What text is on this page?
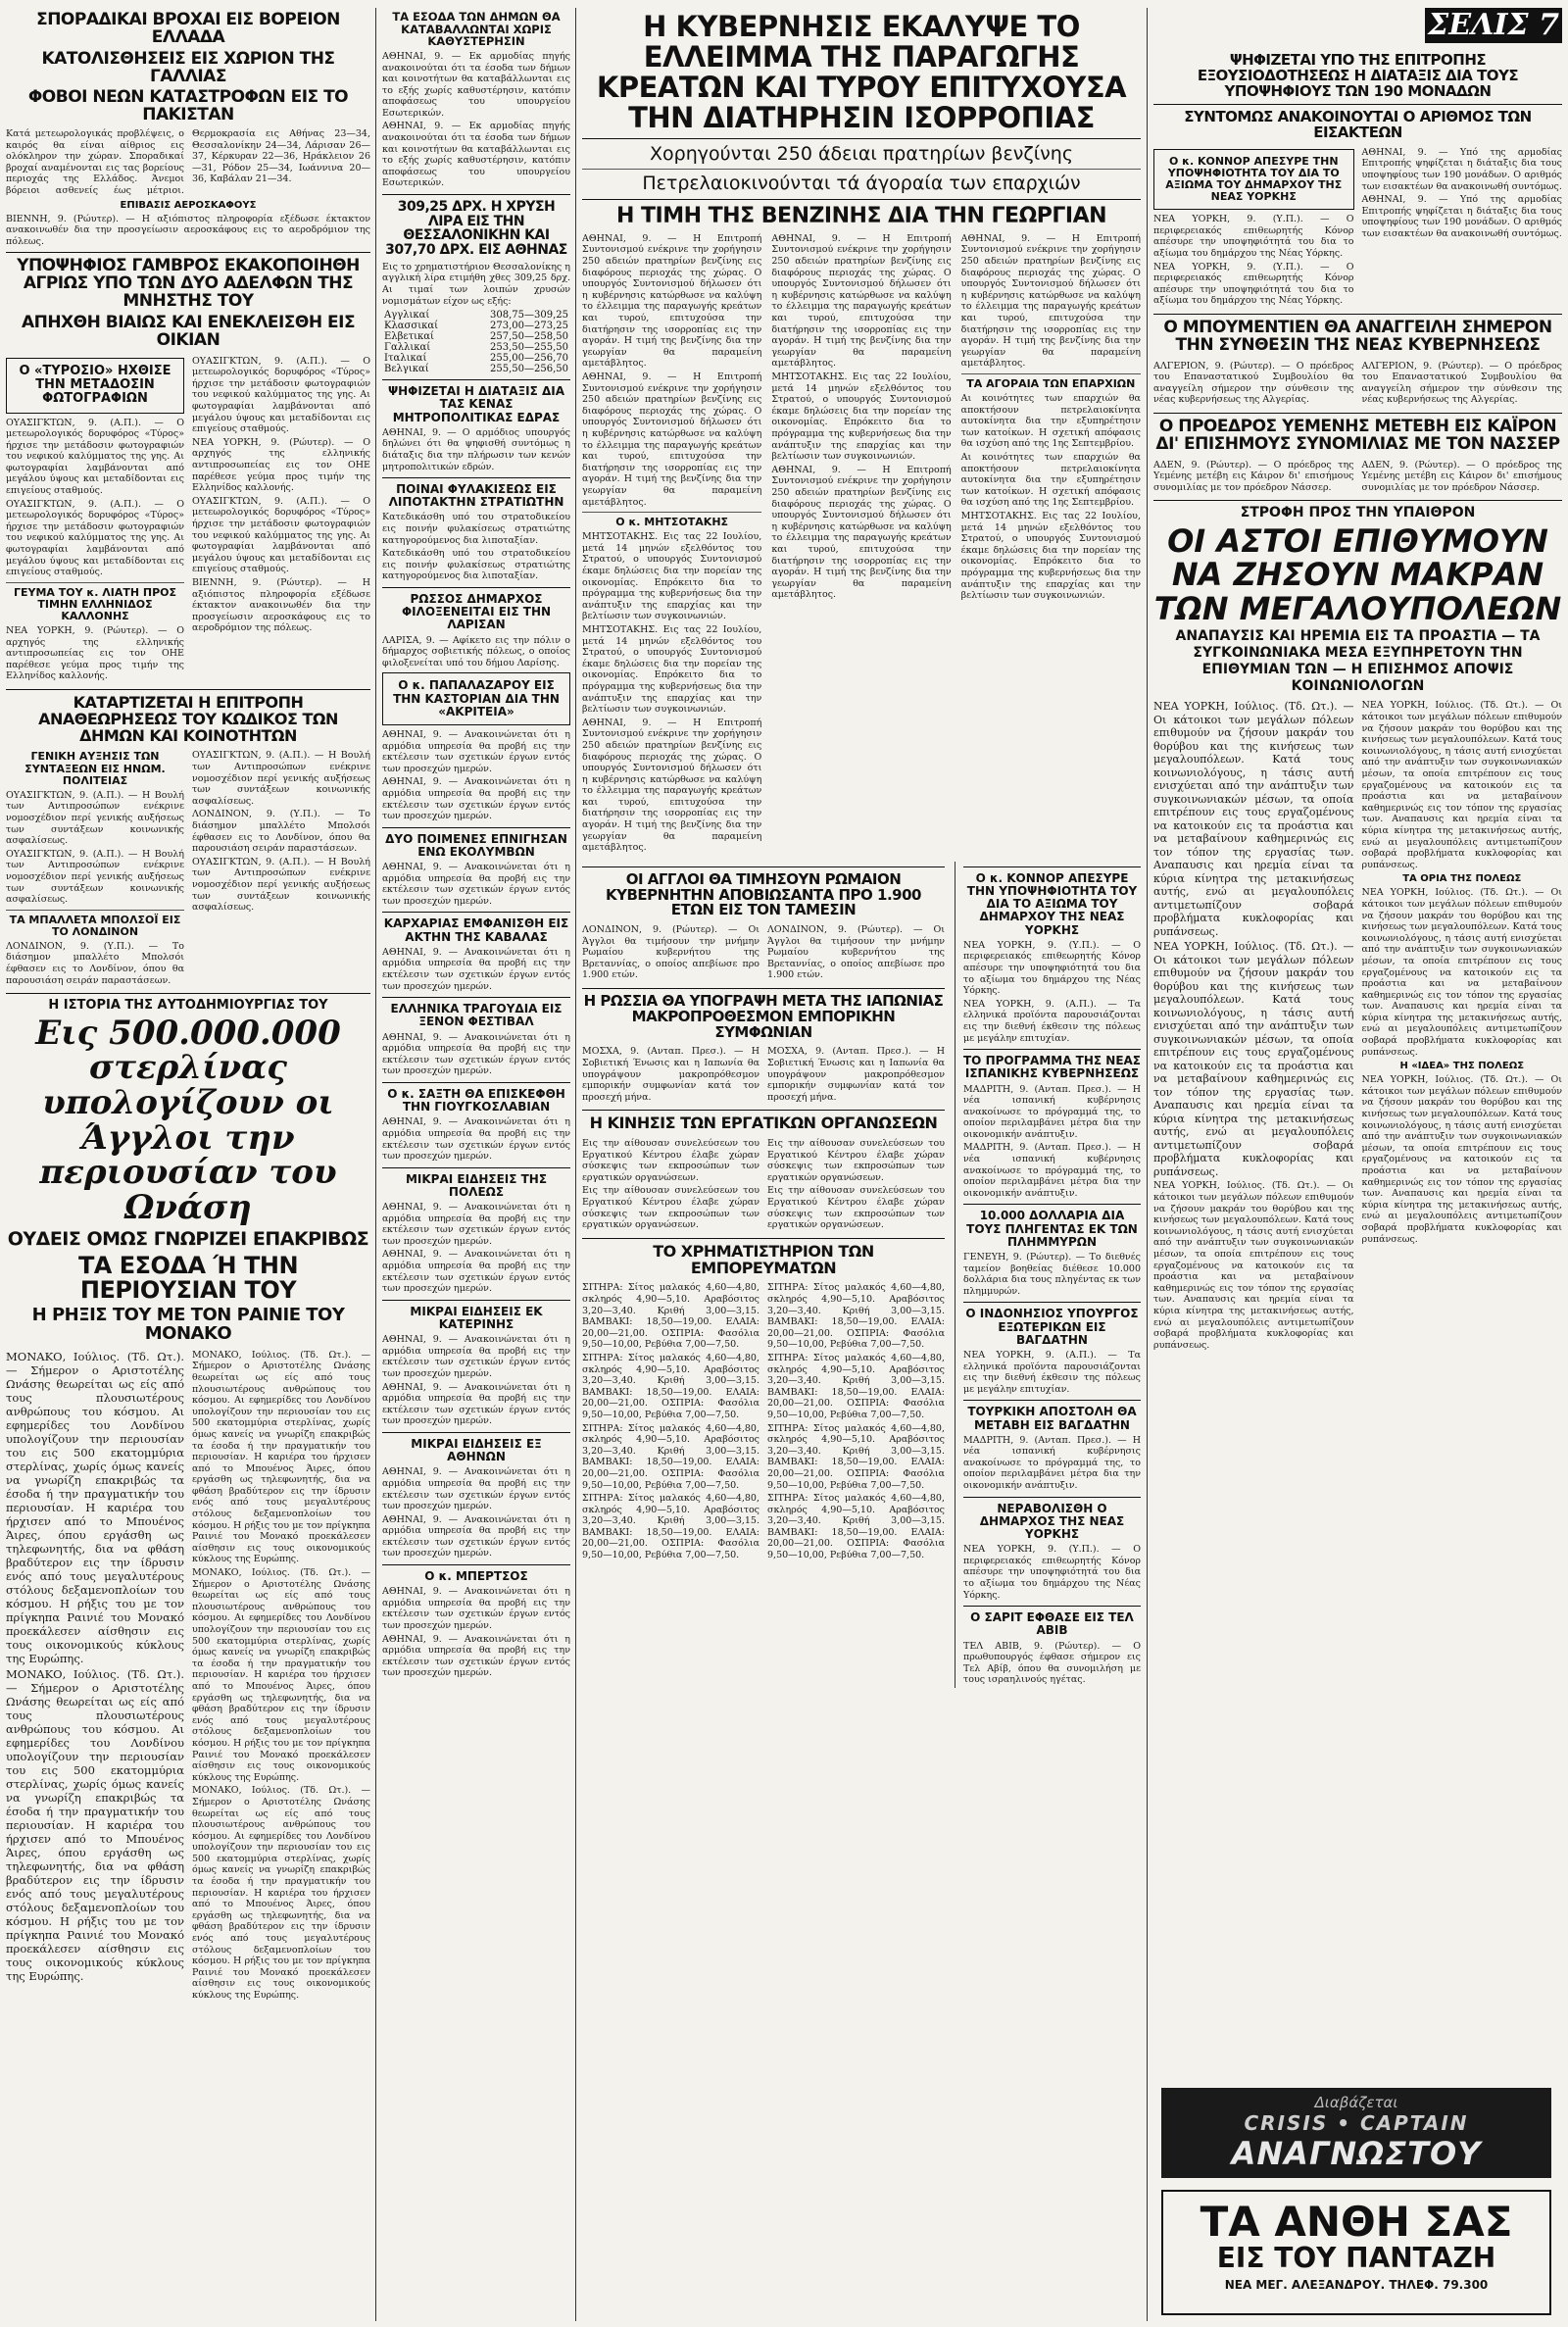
ΣΠΟΡΑΔΙΚΑΙ ΒΡΟΧΑΙ ΕΙΣ ΒΟΡΕΙΟΝ ΕΛΛΑΔΑ
ΚΑΤΟΛΙΣΘΗΣΕΙΣ ΕΙΣ ΧΩΡΙΟΝ ΤΗΣ ΓΑΛΛΙΑΣ
ΦΟΒΟΙ ΝΕΩΝ ΚΑΤΑΣΤΡΟΦΩΝ ΕΙΣ ΤΟ ΠΑΚΙΣΤΑΝ

Κατά μετεωρολογικάς προβλέψεις, ο καιρός θα είναι αίθριος εις ολόκληρον την χώραν. Σποραδικαί βροχαί αναμένονται εις τας βορείους περιοχάς της Ελλάδος. Άνεμοι βόρειοι ασθενείς έως μέτριοι. Θερμοκρασία εις Αθήνας 23—34, Θεσσαλονίκην 24—34, Λάρισαν 26—37, Κέρκυραν 22—36, Ηράκλειον 26—31, Ρόδον 25—34, Ιωάννινα 20—36, Καβάλαν 21—34.

ΕΠΙΒΑΣΙΣ ΑΕΡΟΣΚΑΦΟΥΣ

ΒΙΕΝΝΗ, 9. (Ρώυτερ). — Η αξιόπιστος πληροφορία εξέδωσε έκτακτον ανακοινωθέν δια την προσγείωσιν αεροσκάφους εις το αεροδρόμιον της πόλεως.

ΥΠΟΨΗΦΙΟΣ ΓΑΜΒΡΟΣ ΕΚΑΚΟΠΟΙΗΘΗ ΑΓΡΙΩΣ ΥΠΟ ΤΩΝ ΔΥΟ ΑΔΕΛΦΩΝ ΤΗΣ ΜΝΗΣΤΗΣ ΤΟΥ
ΑΠΗΧΘΗ ΒΙΑΙΩΣ ΚΑΙ ΕΝΕΚΛΕΙΣΘΗ ΕΙΣ ΟΙΚΙΑΝ
Ο «ΤΥΡΟΣΙΟ» ΗΧΘΙΣΕ ΤΗΝ ΜΕΤΑΔΟΣΙΝ ΦΩΤΟΓΡΑΦΙΩΝ

ΟΥΑΣΙΓΚΤΩΝ, 9. (Α.Π.). — Ο μετεωρολογικός δορυφόρος «Τύρος» ήρχισε την μετάδοσιν φωτογραφιών του νεφικού καλύμματος της γης. Αι φωτογραφίαι λαμβάνονται από μεγάλου ύψους και μεταδίδονται εις επιγείους σταθμούς.

ΟΥΑΣΙΓΚΤΩΝ, 9. (Α.Π.). — Ο μετεωρολογικός δορυφόρος «Τύρος» ήρχισε την μετάδοσιν φωτογραφιών του νεφικού καλύμματος της γης. Αι φωτογραφίαι λαμβάνονται από μεγάλου ύψους και μεταδίδονται εις επιγείους σταθμούς.

ΓΕΥΜΑ ΤΟΥ κ. ΛΙΑΤΗ ΠΡΟΣ ΤΙΜΗΝ ΕΛΛΗΝΙΔΟΣ ΚΑΛΛΟΝΗΣ

ΝΕΑ ΥΟΡΚΗ, 9. (Ρώυτερ). — Ο αρχηγός της ελληνικής αντιπροσωπείας εις τον ΟΗΕ παρέθεσε γεύμα προς τιμήν της Ελληνίδος καλλονής.

ΟΥΑΣΙΓΚΤΩΝ, 9. (Α.Π.). — Ο μετεωρολογικός δορυφόρος «Τύρος» ήρχισε την μετάδοσιν φωτογραφιών του νεφικού καλύμματος της γης. Αι φωτογραφίαι λαμβάνονται από μεγάλου ύψους και μεταδίδονται εις επιγείους σταθμούς.

ΝΕΑ ΥΟΡΚΗ, 9. (Ρώυτερ). — Ο αρχηγός της ελληνικής αντιπροσωπείας εις τον ΟΗΕ παρέθεσε γεύμα προς τιμήν της Ελληνίδος καλλονής.

ΟΥΑΣΙΓΚΤΩΝ, 9. (Α.Π.). — Ο μετεωρολογικός δορυφόρος «Τύρος» ήρχισε την μετάδοσιν φωτογραφιών του νεφικού καλύμματος της γης. Αι φωτογραφίαι λαμβάνονται από μεγάλου ύψους και μεταδίδονται εις επιγείους σταθμούς.

ΒΙΕΝΝΗ, 9. (Ρώυτερ). — Η αξιόπιστος πληροφορία εξέδωσε έκτακτον ανακοινωθέν δια την προσγείωσιν αεροσκάφους εις το αεροδρόμιον της πόλεως.

ΚΑΤΑΡΤΙΖΕΤΑΙ Η ΕΠΙΤΡΟΠΗ ΑΝΑΘΕΩΡΗΣΕΩΣ ΤΟΥ ΚΩΔΙΚΟΣ ΤΩΝ ΔΗΜΩΝ ΚΑΙ ΚΟΙΝΟΤΗΤΩΝ
ΓΕΝΙΚΗ ΑΥΞΗΣΙΣ ΤΩΝ ΣΥΝΤΑΞΕΩΝ ΕΙΣ ΗΝΩΜ. ΠΟΛΙΤΕΙΑΣ

ΟΥΑΣΙΓΚΤΩΝ, 9. (Α.Π.). — Η Βουλή των Αντιπροσώπων ενέκρινε νομοσχέδιον περί γενικής αυξήσεως των συντάξεων κοινωνικής ασφαλίσεως.

ΟΥΑΣΙΓΚΤΩΝ, 9. (Α.Π.). — Η Βουλή των Αντιπροσώπων ενέκρινε νομοσχέδιον περί γενικής αυξήσεως των συντάξεων κοινωνικής ασφαλίσεως.

ΤΑ ΜΠΑΛΛΕΤΑ ΜΠΟΛΣΟΪ ΕΙΣ ΤΟ ΛΟΝΔΙΝΟΝ

ΛΟΝΔΙΝΟΝ, 9. (Υ.Π.). — Το διάσημον μπαλλέτο Μπολσόι έφθασεν εις το Λονδίνον, όπου θα παρουσιάση σειράν παραστάσεων.

ΟΥΑΣΙΓΚΤΩΝ, 9. (Α.Π.). — Η Βουλή των Αντιπροσώπων ενέκρινε νομοσχέδιον περί γενικής αυξήσεως των συντάξεων κοινωνικής ασφαλίσεως.

ΛΟΝΔΙΝΟΝ, 9. (Υ.Π.). — Το διάσημον μπαλλέτο Μπολσόι έφθασεν εις το Λονδίνον, όπου θα παρουσιάση σειράν παραστάσεων.

ΟΥΑΣΙΓΚΤΩΝ, 9. (Α.Π.). — Η Βουλή των Αντιπροσώπων ενέκρινε νομοσχέδιον περί γενικής αυξήσεως των συντάξεων κοινωνικής ασφαλίσεως.

Η ΙΣΤΟΡΙΑ ΤΗΣ ΑΥΤΟΔΗΜΙΟΥΡΓΙΑΣ ΤΟΥ
Εις 500.000.000 στερλίνας υπολογίζουν οι Άγγλοι την περιουσίαν του Ωνάση
ΟΥΔΕΙΣ ΟΜΩΣ ΓΝΩΡΙΖΕΙ ΕΠΑΚΡΙΒΩΣ
ΤΑ ΕΣΟΔΑ Ή ΤΗΝ ΠΕΡΙΟΥΣΙΑΝ ΤΟΥ
Η ΡΗΞΙΣ ΤΟΥ ΜΕ ΤΟΝ ΡΑΙΝΙΕ ΤΟΥ ΜΟΝΑΚΟ

ΜΟΝΑΚΟ, Ιούλιος. (Τδ. Ωτ.). — Σήμερον ο Αριστοτέλης Ωνάσης θεωρείται ως είς από τους πλουσιωτέρους ανθρώπους του κόσμου. Αι εφημερίδες του Λονδίνου υπολογίζουν την περιουσίαν του εις 500 εκατομμύρια στερλίνας, χωρίς όμως κανείς να γνωρίζη επακριβώς τα έσοδα ή την πραγματικήν του περιουσίαν. Η καριέρα του ήρχισεν από το Μπουένος Άιρες, όπου εργάσθη ως τηλεφωνητής, δια να φθάση βραδύτερον εις την ίδρυσιν ενός από τους μεγαλυτέρους στόλους δεξαμενοπλοίων του κόσμου. Η ρήξις του με τον πρίγκηπα Ραινιέ του Μονακό προεκάλεσεν αίσθησιν εις τους οικονομικούς κύκλους της Ευρώπης.

ΜΟΝΑΚΟ, Ιούλιος. (Τδ. Ωτ.). — Σήμερον ο Αριστοτέλης Ωνάσης θεωρείται ως είς από τους πλουσιωτέρους ανθρώπους του κόσμου. Αι εφημερίδες του Λονδίνου υπολογίζουν την περιουσίαν του εις 500 εκατομμύρια στερλίνας, χωρίς όμως κανείς να γνωρίζη επακριβώς τα έσοδα ή την πραγματικήν του περιουσίαν. Η καριέρα του ήρχισεν από το Μπουένος Άιρες, όπου εργάσθη ως τηλεφωνητής, δια να φθάση βραδύτερον εις την ίδρυσιν ενός από τους μεγαλυτέρους στόλους δεξαμενοπλοίων του κόσμου. Η ρήξις του με τον πρίγκηπα Ραινιέ του Μονακό προεκάλεσεν αίσθησιν εις τους οικονομικούς κύκλους της Ευρώπης.

ΜΟΝΑΚΟ, Ιούλιος. (Τδ. Ωτ.). — Σήμερον ο Αριστοτέλης Ωνάσης θεωρείται ως είς από τους πλουσιωτέρους ανθρώπους του κόσμου. Αι εφημερίδες του Λονδίνου υπολογίζουν την περιουσίαν του εις 500 εκατομμύρια στερλίνας, χωρίς όμως κανείς να γνωρίζη επακριβώς τα έσοδα ή την πραγματικήν του περιουσίαν. Η καριέρα του ήρχισεν από το Μπουένος Άιρες, όπου εργάσθη ως τηλεφωνητής, δια να φθάση βραδύτερον εις την ίδρυσιν ενός από τους μεγαλυτέρους στόλους δεξαμενοπλοίων του κόσμου. Η ρήξις του με τον πρίγκηπα Ραινιέ του Μονακό προεκάλεσεν αίσθησιν εις τους οικονομικούς κύκλους της Ευρώπης.

ΜΟΝΑΚΟ, Ιούλιος. (Τδ. Ωτ.). — Σήμερον ο Αριστοτέλης Ωνάσης θεωρείται ως είς από τους πλουσιωτέρους ανθρώπους του κόσμου. Αι εφημερίδες του Λονδίνου υπολογίζουν την περιουσίαν του εις 500 εκατομμύρια στερλίνας, χωρίς όμως κανείς να γνωρίζη επακριβώς τα έσοδα ή την πραγματικήν του περιουσίαν. Η καριέρα του ήρχισεν από το Μπουένος Άιρες, όπου εργάσθη ως τηλεφωνητής, δια να φθάση βραδύτερον εις την ίδρυσιν ενός από τους μεγαλυτέρους στόλους δεξαμενοπλοίων του κόσμου. Η ρήξις του με τον πρίγκηπα Ραινιέ του Μονακό προεκάλεσεν αίσθησιν εις τους οικονομικούς κύκλους της Ευρώπης.

ΜΟΝΑΚΟ, Ιούλιος. (Τδ. Ωτ.). — Σήμερον ο Αριστοτέλης Ωνάσης θεωρείται ως είς από τους πλουσιωτέρους ανθρώπους του κόσμου. Αι εφημερίδες του Λονδίνου υπολογίζουν την περιουσίαν του εις 500 εκατομμύρια στερλίνας, χωρίς όμως κανείς να γνωρίζη επακριβώς τα έσοδα ή την πραγματικήν του περιουσίαν. Η καριέρα του ήρχισεν από το Μπουένος Άιρες, όπου εργάσθη ως τηλεφωνητής, δια να φθάση βραδύτερον εις την ίδρυσιν ενός από τους μεγαλυτέρους στόλους δεξαμενοπλοίων του κόσμου. Η ρήξις του με τον πρίγκηπα Ραινιέ του Μονακό προεκάλεσεν αίσθησιν εις τους οικονομικούς κύκλους της Ευρώπης.

ΤΑ ΕΣΟΔΑ ΤΩΝ ΔΗΜΩΝ ΘΑ ΚΑΤΑΒΑΛΛΩΝΤΑΙ ΧΩΡΙΣ ΚΑΘΥΣΤΕΡΗΣΙΝ

ΑΘΗΝΑΙ, 9. — Εκ αρμοδίας πηγής ανακοινούται ότι τα έσοδα των δήμων και κοινοτήτων θα καταβάλλωνται εις το εξής χωρίς καθυστέρησιν, κατόπιν αποφάσεως του υπουργείου Εσωτερικών.

ΑΘΗΝΑΙ, 9. — Εκ αρμοδίας πηγής ανακοινούται ότι τα έσοδα των δήμων και κοινοτήτων θα καταβάλλωνται εις το εξής χωρίς καθυστέρησιν, κατόπιν αποφάσεως του υπουργείου Εσωτερικών.

309,25 ΔΡΧ. Η ΧΡΥΣΗ ΛΙΡΑ ΕΙΣ ΤΗΝ ΘΕΣΣΑΛΟΝΙΚΗΝ ΚΑΙ 307,70 ΔΡΧ. ΕΙΣ ΑΘΗΝΑΣ

Εις το χρηματιστήριον Θεσσαλονίκης η αγγλική λίρα ετιμήθη χθες 309,25 δρχ. Αι τιμαί των λοιπών χρυσών νομισμάτων είχον ως εξής:

Αγγλικαί	308,75—309,25
Κλασσικαί	273,00—273,25
Ελβετικαί	257,50—258,50
Γαλλικαί	253,50—255,50
Ιταλικαί	255,00—256,70
Βελγικαί	255,50—256,50
ΨΗΦΙΖΕΤΑΙ Η ΔΙΑΤΑΞΙΣ ΔΙΑ ΤΑΣ ΚΕΝΑΣ ΜΗΤΡΟΠΟΛΙΤΙΚΑΣ ΕΔΡΑΣ

ΑΘΗΝΑΙ, 9. — Ο αρμόδιος υπουργός δηλώνει ότι θα ψηφισθή συντόμως η διάταξις δια την πλήρωσιν των κενών μητροπολιτικών εδρών.

ΠΟΙΝΑΙ ΦΥΛΑΚΙΣΕΩΣ ΕΙΣ ΛΙΠΟΤΑΚΤΗΝ ΣΤΡΑΤΙΩΤΗΝ

Κατεδικάσθη υπό του στρατοδικείου εις ποινήν φυλακίσεως στρατιώτης κατηγορούμενος δια λιποταξίαν.

Κατεδικάσθη υπό του στρατοδικείου εις ποινήν φυλακίσεως στρατιώτης κατηγορούμενος δια λιποταξίαν.

ΡΩΣΣΟΣ ΔΗΜΑΡΧΟΣ ΦΙΛΟΞΕΝΕΙΤΑΙ ΕΙΣ ΤΗΝ ΛΑΡΙΣΑΝ

ΛΑΡΙΣΑ, 9. — Αφίκετο εις την πόλιν ο δήμαρχος σοβιετικής πόλεως, ο οποίος φιλοξενείται υπό του δήμου Λαρίσης.

Ο κ. ΠΑΠΑΛΑΖΑΡΟΥ ΕΙΣ ΤΗΝ ΚΑΣΤΟΡΙΑΝ ΔΙΑ ΤΗΝ «ΑΚΡΙΤΕΙΑ»

ΑΘΗΝΑΙ, 9. — Ανακοινώνεται ότι η αρμόδια υπηρεσία θα προβή εις την εκτέλεσιν των σχετικών έργων εντός των προσεχών ημερών.

ΑΘΗΝΑΙ, 9. — Ανακοινώνεται ότι η αρμόδια υπηρεσία θα προβή εις την εκτέλεσιν των σχετικών έργων εντός των προσεχών ημερών.

ΔΥΟ ΠΟΙΜΕΝΕΣ ΕΠΝΙΓΗΣΑΝ ΕΝΩ ΕΚΟΛΥΜΒΩΝ

ΑΘΗΝΑΙ, 9. — Ανακοινώνεται ότι η αρμόδια υπηρεσία θα προβή εις την εκτέλεσιν των σχετικών έργων εντός των προσεχών ημερών.

ΚΑΡΧΑΡΙΑΣ ΕΜΦΑΝΙΣΘΗ ΕΙΣ ΑΚΤΗΝ ΤΗΣ ΚΑΒΑΛΑΣ

ΑΘΗΝΑΙ, 9. — Ανακοινώνεται ότι η αρμόδια υπηρεσία θα προβή εις την εκτέλεσιν των σχετικών έργων εντός των προσεχών ημερών.

ΕΛΛΗΝΙΚΑ ΤΡΑΓΟΥΔΙΑ ΕΙΣ ΞΕΝΟΝ ΦΕΣΤΙΒΑΛ

ΑΘΗΝΑΙ, 9. — Ανακοινώνεται ότι η αρμόδια υπηρεσία θα προβή εις την εκτέλεσιν των σχετικών έργων εντός των προσεχών ημερών.

Ο κ. ΣΑΞΤΗ ΘΑ ΕΠΙΣΚΕΦΘΗ ΤΗΝ ΓΙΟΥΓΚΟΣΛΑΒΙΑΝ

ΑΘΗΝΑΙ, 9. — Ανακοινώνεται ότι η αρμόδια υπηρεσία θα προβή εις την εκτέλεσιν των σχετικών έργων εντός των προσεχών ημερών.

ΜΙΚΡΑΙ ΕΙΔΗΣΕΙΣ ΤΗΣ ΠΟΛΕΩΣ

ΑΘΗΝΑΙ, 9. — Ανακοινώνεται ότι η αρμόδια υπηρεσία θα προβή εις την εκτέλεσιν των σχετικών έργων εντός των προσεχών ημερών.

ΑΘΗΝΑΙ, 9. — Ανακοινώνεται ότι η αρμόδια υπηρεσία θα προβή εις την εκτέλεσιν των σχετικών έργων εντός των προσεχών ημερών.

ΜΙΚΡΑΙ ΕΙΔΗΣΕΙΣ ΕΚ ΚΑΤΕΡΙΝΗΣ

ΑΘΗΝΑΙ, 9. — Ανακοινώνεται ότι η αρμόδια υπηρεσία θα προβή εις την εκτέλεσιν των σχετικών έργων εντός των προσεχών ημερών.

ΑΘΗΝΑΙ, 9. — Ανακοινώνεται ότι η αρμόδια υπηρεσία θα προβή εις την εκτέλεσιν των σχετικών έργων εντός των προσεχών ημερών.

ΜΙΚΡΑΙ ΕΙΔΗΣΕΙΣ ΕΞ ΑΘΗΝΩΝ

ΑΘΗΝΑΙ, 9. — Ανακοινώνεται ότι η αρμόδια υπηρεσία θα προβή εις την εκτέλεσιν των σχετικών έργων εντός των προσεχών ημερών.

ΑΘΗΝΑΙ, 9. — Ανακοινώνεται ότι η αρμόδια υπηρεσία θα προβή εις την εκτέλεσιν των σχετικών έργων εντός των προσεχών ημερών.

Ο κ. ΜΠΕΡΤΣΟΣ

ΑΘΗΝΑΙ, 9. — Ανακοινώνεται ότι η αρμόδια υπηρεσία θα προβή εις την εκτέλεσιν των σχετικών έργων εντός των προσεχών ημερών.

ΑΘΗΝΑΙ, 9. — Ανακοινώνεται ότι η αρμόδια υπηρεσία θα προβή εις την εκτέλεσιν των σχετικών έργων εντός των προσεχών ημερών.

Η ΚΥΒΕΡΝΗΣΙΣ ΕΚΑΛΥΨΕ ΤΟ ΕΛΛΕΙΜΜΑ ΤΗΣ ΠΑΡΑΓΩΓΗΣ ΚΡΕΑΤΩΝ ΚΑΙ ΤΥΡΟΥ ΕΠΙΤΥΧΟΥΣΑ ΤΗΝ ΔΙΑΤΗΡΗΣΙΝ ΙΣΟΡΡΟΠΙΑΣ
Χορηγούνται 250 άδειαι πρατηρίων βενζίνης
Πετρελαιοκινούνται τά άγοραία των επαρχιών
Η ΤΙΜΗ ΤΗΣ ΒΕΝΖΙΝΗΣ ΔΙΑ ΤΗΝ ΓΕΩΡΓΙΑΝ

ΑΘΗΝΑΙ, 9. — Η Επιτροπή Συντονισμού ενέκρινε την χορήγησιν 250 αδειών πρατηρίων βενζίνης εις διαφόρους περιοχάς της χώρας. Ο υπουργός Συντονισμού δήλωσεν ότι η κυβέρνησις κατώρθωσε να καλύψη το έλλειμμα της παραγωγής κρεάτων και τυρού, επιτυχούσα την διατήρησιν της ισορροπίας εις την αγοράν. Η τιμή της βενζίνης δια την γεωργίαν θα παραμείνη αμετάβλητος.

ΑΘΗΝΑΙ, 9. — Η Επιτροπή Συντονισμού ενέκρινε την χορήγησιν 250 αδειών πρατηρίων βενζίνης εις διαφόρους περιοχάς της χώρας. Ο υπουργός Συντονισμού δήλωσεν ότι η κυβέρνησις κατώρθωσε να καλύψη το έλλειμμα της παραγωγής κρεάτων και τυρού, επιτυχούσα την διατήρησιν της ισορροπίας εις την αγοράν. Η τιμή της βενζίνης δια την γεωργίαν θα παραμείνη αμετάβλητος.

Ο κ. ΜΗΤΣΟΤΑΚΗΣ

ΜΗΤΣΟΤΑΚΗΣ. Εις τας 22 Ιουλίου, μετά 14 μηνών εξελθόντος του Στρατού, ο υπουργός Συντονισμού έκαμε δηλώσεις δια την πορείαν της οικονομίας. Επρόκειτο δια το πρόγραμμα της κυβερνήσεως δια την ανάπτυξιν της επαρχίας και την βελτίωσιν των συγκοινωνιών.

ΜΗΤΣΟΤΑΚΗΣ. Εις τας 22 Ιουλίου, μετά 14 μηνών εξελθόντος του Στρατού, ο υπουργός Συντονισμού έκαμε δηλώσεις δια την πορείαν της οικονομίας. Επρόκειτο δια το πρόγραμμα της κυβερνήσεως δια την ανάπτυξιν της επαρχίας και την βελτίωσιν των συγκοινωνιών.

ΑΘΗΝΑΙ, 9. — Η Επιτροπή Συντονισμού ενέκρινε την χορήγησιν 250 αδειών πρατηρίων βενζίνης εις διαφόρους περιοχάς της χώρας. Ο υπουργός Συντονισμού δήλωσεν ότι η κυβέρνησις κατώρθωσε να καλύψη το έλλειμμα της παραγωγής κρεάτων και τυρού, επιτυχούσα την διατήρησιν της ισορροπίας εις την αγοράν. Η τιμή της βενζίνης δια την γεωργίαν θα παραμείνη αμετάβλητος.

ΑΘΗΝΑΙ, 9. — Η Επιτροπή Συντονισμού ενέκρινε την χορήγησιν 250 αδειών πρατηρίων βενζίνης εις διαφόρους περιοχάς της χώρας. Ο υπουργός Συντονισμού δήλωσεν ότι η κυβέρνησις κατώρθωσε να καλύψη το έλλειμμα της παραγωγής κρεάτων και τυρού, επιτυχούσα την διατήρησιν της ισορροπίας εις την αγοράν. Η τιμή της βενζίνης δια την γεωργίαν θα παραμείνη αμετάβλητος.

ΜΗΤΣΟΤΑΚΗΣ. Εις τας 22 Ιουλίου, μετά 14 μηνών εξελθόντος του Στρατού, ο υπουργός Συντονισμού έκαμε δηλώσεις δια την πορείαν της οικονομίας. Επρόκειτο δια το πρόγραμμα της κυβερνήσεως δια την ανάπτυξιν της επαρχίας και την βελτίωσιν των συγκοινωνιών.

ΑΘΗΝΑΙ, 9. — Η Επιτροπή Συντονισμού ενέκρινε την χορήγησιν 250 αδειών πρατηρίων βενζίνης εις διαφόρους περιοχάς της χώρας. Ο υπουργός Συντονισμού δήλωσεν ότι η κυβέρνησις κατώρθωσε να καλύψη το έλλειμμα της παραγωγής κρεάτων και τυρού, επιτυχούσα την διατήρησιν της ισορροπίας εις την αγοράν. Η τιμή της βενζίνης δια την γεωργίαν θα παραμείνη αμετάβλητος.

ΑΘΗΝΑΙ, 9. — Η Επιτροπή Συντονισμού ενέκρινε την χορήγησιν 250 αδειών πρατηρίων βενζίνης εις διαφόρους περιοχάς της χώρας. Ο υπουργός Συντονισμού δήλωσεν ότι η κυβέρνησις κατώρθωσε να καλύψη το έλλειμμα της παραγωγής κρεάτων και τυρού, επιτυχούσα την διατήρησιν της ισορροπίας εις την αγοράν. Η τιμή της βενζίνης δια την γεωργίαν θα παραμείνη αμετάβλητος.

ΤΑ ΑΓΟΡΑΙΑ ΤΩΝ ΕΠΑΡΧΙΩΝ

Αι κοινότητες των επαρχιών θα αποκτήσουν πετρελαιοκίνητα αυτοκίνητα δια την εξυπηρέτησιν των κατοίκων. Η σχετική απόφασις θα ισχύση από της 1ης Σεπτεμβρίου.

Αι κοινότητες των επαρχιών θα αποκτήσουν πετρελαιοκίνητα αυτοκίνητα δια την εξυπηρέτησιν των κατοίκων. Η σχετική απόφασις θα ισχύση από της 1ης Σεπτεμβρίου.

ΜΗΤΣΟΤΑΚΗΣ. Εις τας 22 Ιουλίου, μετά 14 μηνών εξελθόντος του Στρατού, ο υπουργός Συντονισμού έκαμε δηλώσεις δια την πορείαν της οικονομίας. Επρόκειτο δια το πρόγραμμα της κυβερνήσεως δια την ανάπτυξιν της επαρχίας και την βελτίωσιν των συγκοινωνιών.

ΟΙ ΑΓΓΛΟΙ ΘΑ ΤΙΜΗΣΟΥΝ ΡΩΜΑΙΟΝ ΚΥΒΕΡΝΗΤΗΝ ΑΠΟΒΙΩΣΑΝΤΑ ΠΡΟ 1.900 ΕΤΩΝ ΕΙΣ ΤΟΝ ΤΑΜΕΣΙΝ

ΛΟΝΔΙΝΟΝ, 9. (Ρώυτερ). — Οι Άγγλοι θα τιμήσουν την μνήμην Ρωμαίου κυβερνήτου της Βρεταννίας, ο οποίος απεβίωσε προ 1.900 ετών.

ΛΟΝΔΙΝΟΝ, 9. (Ρώυτερ). — Οι Άγγλοι θα τιμήσουν την μνήμην Ρωμαίου κυβερνήτου της Βρεταννίας, ο οποίος απεβίωσε προ 1.900 ετών.

Η ΡΩΣΣΙΑ ΘΑ ΥΠΟΓΡΑΨΗ ΜΕΤΑ ΤΗΣ ΙΑΠΩΝΙΑΣ ΜΑΚΡΟΠΡΟΘΕΣΜΟΝ ΕΜΠΟΡΙΚΗΝ ΣΥΜΦΩΝΙΑΝ

ΜΟΣΧΑ, 9. (Ανταπ. Πρεσ.). — Η Σοβιετική Ένωσις και η Ιαπωνία θα υπογράψουν μακροπρόθεσμον εμπορικήν συμφωνίαν κατά τον προσεχή μήνα.

ΜΟΣΧΑ, 9. (Ανταπ. Πρεσ.). — Η Σοβιετική Ένωσις και η Ιαπωνία θα υπογράψουν μακροπρόθεσμον εμπορικήν συμφωνίαν κατά τον προσεχή μήνα.

Η ΚΙΝΗΣΙΣ ΤΩΝ ΕΡΓΑΤΙΚΩΝ ΟΡΓΑΝΩΣΕΩΝ

Εις την αίθουσαν συνελεύσεων του Εργατικού Κέντρου έλαβε χώραν σύσκεψις των εκπροσώπων των εργατικών οργανώσεων.

Εις την αίθουσαν συνελεύσεων του Εργατικού Κέντρου έλαβε χώραν σύσκεψις των εκπροσώπων των εργατικών οργανώσεων.

Εις την αίθουσαν συνελεύσεων του Εργατικού Κέντρου έλαβε χώραν σύσκεψις των εκπροσώπων των εργατικών οργανώσεων.

Εις την αίθουσαν συνελεύσεων του Εργατικού Κέντρου έλαβε χώραν σύσκεψις των εκπροσώπων των εργατικών οργανώσεων.

ΤΟ ΧΡΗΜΑΤΙΣΤΗΡΙΟΝ ΤΩΝ ΕΜΠΟΡΕΥΜΑΤΩΝ

ΣΙΤΗΡΑ: Σίτος μαλακός 4,60—4,80, σκληρός 4,90—5,10. Αραβόσιτος 3,20—3,40. Κριθή 3,00—3,15. ΒΑΜΒΑΚΙ: 18,50—19,00. ΕΛΑΙΑ: 20,00—21,00. ΟΣΠΡΙΑ: Φασόλια 9,50—10,00, Ρεβύθια 7,00—7,50.

ΣΙΤΗΡΑ: Σίτος μαλακός 4,60—4,80, σκληρός 4,90—5,10. Αραβόσιτος 3,20—3,40. Κριθή 3,00—3,15. ΒΑΜΒΑΚΙ: 18,50—19,00. ΕΛΑΙΑ: 20,00—21,00. ΟΣΠΡΙΑ: Φασόλια 9,50—10,00, Ρεβύθια 7,00—7,50.

ΣΙΤΗΡΑ: Σίτος μαλακός 4,60—4,80, σκληρός 4,90—5,10. Αραβόσιτος 3,20—3,40. Κριθή 3,00—3,15. ΒΑΜΒΑΚΙ: 18,50—19,00. ΕΛΑΙΑ: 20,00—21,00. ΟΣΠΡΙΑ: Φασόλια 9,50—10,00, Ρεβύθια 7,00—7,50.

ΣΙΤΗΡΑ: Σίτος μαλακός 4,60—4,80, σκληρός 4,90—5,10. Αραβόσιτος 3,20—3,40. Κριθή 3,00—3,15. ΒΑΜΒΑΚΙ: 18,50—19,00. ΕΛΑΙΑ: 20,00—21,00. ΟΣΠΡΙΑ: Φασόλια 9,50—10,00, Ρεβύθια 7,00—7,50.

ΣΙΤΗΡΑ: Σίτος μαλακός 4,60—4,80, σκληρός 4,90—5,10. Αραβόσιτος 3,20—3,40. Κριθή 3,00—3,15. ΒΑΜΒΑΚΙ: 18,50—19,00. ΕΛΑΙΑ: 20,00—21,00. ΟΣΠΡΙΑ: Φασόλια 9,50—10,00, Ρεβύθια 7,00—7,50.

ΣΙΤΗΡΑ: Σίτος μαλακός 4,60—4,80, σκληρός 4,90—5,10. Αραβόσιτος 3,20—3,40. Κριθή 3,00—3,15. ΒΑΜΒΑΚΙ: 18,50—19,00. ΕΛΑΙΑ: 20,00—21,00. ΟΣΠΡΙΑ: Φασόλια 9,50—10,00, Ρεβύθια 7,00—7,50.

ΣΙΤΗΡΑ: Σίτος μαλακός 4,60—4,80, σκληρός 4,90—5,10. Αραβόσιτος 3,20—3,40. Κριθή 3,00—3,15. ΒΑΜΒΑΚΙ: 18,50—19,00. ΕΛΑΙΑ: 20,00—21,00. ΟΣΠΡΙΑ: Φασόλια 9,50—10,00, Ρεβύθια 7,00—7,50.

ΣΙΤΗΡΑ: Σίτος μαλακός 4,60—4,80, σκληρός 4,90—5,10. Αραβόσιτος 3,20—3,40. Κριθή 3,00—3,15. ΒΑΜΒΑΚΙ: 18,50—19,00. ΕΛΑΙΑ: 20,00—21,00. ΟΣΠΡΙΑ: Φασόλια 9,50—10,00, Ρεβύθια 7,00—7,50.

Ο κ. ΚΟΝΝΟΡ ΑΠΕΣΥΡΕ ΤΗΝ ΥΠΟΨΗΦΙΟΤΗΤΑ ΤΟΥ ΔΙΑ ΤΟ ΑΞΙΩΜΑ ΤΟΥ ΔΗΜΑΡΧΟΥ ΤΗΣ ΝΕΑΣ ΥΟΡΚΗΣ

ΝΕΑ ΥΟΡΚΗ, 9. (Υ.Π.). — Ο περιφερειακός επιθεωρητής Κόνορ απέσυρε την υποψηφιότητά του δια το αξίωμα του δημάρχου της Νέας Υόρκης.

ΝΕΑ ΥΟΡΚΗ, 9. (Α.Π.). — Τα ελληνικά προϊόντα παρουσιάζονται εις την διεθνή έκθεσιν της πόλεως με μεγάλην επιτυχίαν.

ΤΟ ΠΡΟΓΡΑΜΜΑ ΤΗΣ ΝΕΑΣ ΙΣΠΑΝΙΚΗΣ ΚΥΒΕΡΝΗΣΕΩΣ

ΜΑΔΡΙΤΗ, 9. (Ανταπ. Πρεσ.). — Η νέα ισπανική κυβέρνησις ανακοίνωσε το πρόγραμμά της, το οποίον περιλαμβάνει μέτρα δια την οικονομικήν ανάπτυξιν.

ΜΑΔΡΙΤΗ, 9. (Ανταπ. Πρεσ.). — Η νέα ισπανική κυβέρνησις ανακοίνωσε το πρόγραμμά της, το οποίον περιλαμβάνει μέτρα δια την οικονομικήν ανάπτυξιν.

10.000 ΔΟΛΛΑΡΙΑ ΔΙΑ ΤΟΥΣ ΠΛΗΓΕΝΤΑΣ ΕΚ ΤΩΝ ΠΛΗΜΜΥΡΩΝ

ΓΕΝΕΥΗ, 9. (Ρώυτερ). — Το διεθνές ταμείον βοηθείας διέθεσε 10.000 δολλάρια δια τους πληγέντας εκ των πλημμυρών.

Ο ΙΝΔΟΝΗΣΙΟΣ ΥΠΟΥΡΓΟΣ ΕΞΩΤΕΡΙΚΩΝ ΕΙΣ ΒΑΓΔΑΤΗΝ

ΝΕΑ ΥΟΡΚΗ, 9. (Α.Π.). — Τα ελληνικά προϊόντα παρουσιάζονται εις την διεθνή έκθεσιν της πόλεως με μεγάλην επιτυχίαν.

ΤΟΥΡΚΙΚΗ ΑΠΟΣΤΟΛΗ ΘΑ ΜΕΤΑΒΗ ΕΙΣ ΒΑΓΔΑΤΗΝ

ΜΑΔΡΙΤΗ, 9. (Ανταπ. Πρεσ.). — Η νέα ισπανική κυβέρνησις ανακοίνωσε το πρόγραμμά της, το οποίον περιλαμβάνει μέτρα δια την οικονομικήν ανάπτυξιν.

ΝΕΡΑΒΟΛΙΣΘΗ Ο ΔΗΜΑΡΧΟΣ ΤΗΣ ΝΕΑΣ ΥΟΡΚΗΣ

ΝΕΑ ΥΟΡΚΗ, 9. (Υ.Π.). — Ο περιφερειακός επιθεωρητής Κόνορ απέσυρε την υποψηφιότητά του δια το αξίωμα του δημάρχου της Νέας Υόρκης.

Ο ΣΑΡΙΤ ΕΦΘΑΣΕ ΕΙΣ ΤΕΛ ΑΒΙΒ

ΤΕΛ ΑΒΙΒ, 9. (Ρώυτερ). — Ο πρωθυπουργός έφθασε σήμερον εις Τελ Αβίβ, όπου θα συνομιλήση με τους ισραηλινούς ηγέτας.

ΣΕΛΙΣ 7
ΨΗΦΙΖΕΤΑΙ ΥΠΟ ΤΗΣ ΕΠΙΤΡΟΠΗΣ ΕΞΟΥΣΙΟΔΟΤΗΣΕΩΣ Η ΔΙΑΤΑΞΙΣ ΔΙΑ ΤΟΥΣ ΥΠΟΨΗΦΙΟΥΣ ΤΩΝ 190 ΜΟΝΑΔΩΝ
ΣΥΝΤΟΜΩΣ ΑΝΑΚΟΙΝΟΥΤΑΙ Ο ΑΡΙΘΜΟΣ ΤΩΝ ΕΙΣΑΚΤΕΩΝ
Ο κ. ΚΟΝΝΟΡ ΑΠΕΣΥΡΕ ΤΗΝ ΥΠΟΨΗΦΙΟΤΗΤΑ ΤΟΥ ΔΙΑ ΤΟ ΑΞΙΩΜΑ ΤΟΥ ΔΗΜΑΡΧΟΥ ΤΗΣ ΝΕΑΣ ΥΟΡΚΗΣ

ΝΕΑ ΥΟΡΚΗ, 9. (Υ.Π.). — Ο περιφερειακός επιθεωρητής Κόνορ απέσυρε την υποψηφιότητά του δια το αξίωμα του δημάρχου της Νέας Υόρκης.

ΝΕΑ ΥΟΡΚΗ, 9. (Υ.Π.). — Ο περιφερειακός επιθεωρητής Κόνορ απέσυρε την υποψηφιότητά του δια το αξίωμα του δημάρχου της Νέας Υόρκης.

ΑΘΗΝΑΙ, 9. — Υπό της αρμοδίας Επιτροπής ψηφίζεται η διάταξις δια τους υποψηφίους των 190 μονάδων. Ο αριθμός των εισακτέων θα ανακοινωθή συντόμως.

ΑΘΗΝΑΙ, 9. — Υπό της αρμοδίας Επιτροπής ψηφίζεται η διάταξις δια τους υποψηφίους των 190 μονάδων. Ο αριθμός των εισακτέων θα ανακοινωθή συντόμως.

Ο ΜΠΟΥΜΕΝΤΙΕΝ ΘΑ ΑΝΑΓΓΕΙΛΗ ΣΗΜΕΡΟΝ ΤΗΝ ΣΥΝΘΕΣΙΝ ΤΗΣ ΝΕΑΣ ΚΥΒΕΡΝΗΣΕΩΣ

ΑΛΓΕΡΙΟΝ, 9. (Ρώυτερ). — Ο πρόεδρος του Επαναστατικού Συμβουλίου θα αναγγείλη σήμερον την σύνθεσιν της νέας κυβερνήσεως της Αλγερίας.

ΑΛΓΕΡΙΟΝ, 9. (Ρώυτερ). — Ο πρόεδρος του Επαναστατικού Συμβουλίου θα αναγγείλη σήμερον την σύνθεσιν της νέας κυβερνήσεως της Αλγερίας.

Ο ΠΡΟΕΔΡΟΣ ΥΕΜΕΝΗΣ ΜΕΤΕΒΗ ΕΙΣ ΚΑΪΡΟΝ ΔΙ' ΕΠΙΣΗΜΟΥΣ ΣΥΝΟΜΙΛΙΑΣ ΜΕ ΤΟΝ ΝΑΣΣΕΡ

ΑΔΕΝ, 9. (Ρώυτερ). — Ο πρόεδρος της Υεμένης μετέβη εις Κάιρον δι' επισήμους συνομιλίας με τον πρόεδρον Νάσσερ.

ΑΔΕΝ, 9. (Ρώυτερ). — Ο πρόεδρος της Υεμένης μετέβη εις Κάιρον δι' επισήμους συνομιλίας με τον πρόεδρον Νάσσερ.

ΣΤΡΟΦΗ ΠΡΟΣ ΤΗΝ ΥΠΑΙΘΡΟΝ
ΟΙ ΑΣΤΟΙ ΕΠΙΘΥΜΟΥΝ ΝΑ ΖΗΣΟΥΝ ΜΑΚΡΑΝ ΤΩΝ ΜΕΓΑΛΟΥΠΟΛΕΩΝ
ΑΝΑΠΑΥΣΙΣ ΚΑΙ ΗΡΕΜΙΑ ΕΙΣ ΤΑ ΠΡΟΑΣΤΙΑ — ΤΑ ΣΥΓΚΟΙΝΩΝΙΑΚΑ ΜΕΣΑ ΕΞΥΠΗΡΕΤΟΥΝ ΤΗΝ ΕΠΙΘΥΜΙΑΝ ΤΩΝ — Η ΕΠΙΣΗΜΟΣ ΑΠΟΨΙΣ ΚΟΙΝΩΝΙΟΛΟΓΩΝ

ΝΕΑ ΥΟΡΚΗ, Ιούλιος. (Τδ. Ωτ.). — Οι κάτοικοι των μεγάλων πόλεων επιθυμούν να ζήσουν μακράν του θορύβου και της κινήσεως των μεγαλουπόλεων. Κατά τους κοινωνιολόγους, η τάσις αυτή ενισχύεται από την ανάπτυξιν των συγκοινωνιακών μέσων, τα οποία επιτρέπουν εις τους εργαζομένους να κατοικούν εις τα προάστια και να μεταβαίνουν καθημερινώς εις τον τόπον της εργασίας των. Αναπαυσις και ηρεμία είναι τα κύρια κίνητρα της μετακινήσεως αυτής, ενώ αι μεγαλουπόλεις αντιμετωπίζουν σοβαρά προβλήματα κυκλοφορίας και ρυπάνσεως.

ΝΕΑ ΥΟΡΚΗ, Ιούλιος. (Τδ. Ωτ.). — Οι κάτοικοι των μεγάλων πόλεων επιθυμούν να ζήσουν μακράν του θορύβου και της κινήσεως των μεγαλουπόλεων. Κατά τους κοινωνιολόγους, η τάσις αυτή ενισχύεται από την ανάπτυξιν των συγκοινωνιακών μέσων, τα οποία επιτρέπουν εις τους εργαζομένους να κατοικούν εις τα προάστια και να μεταβαίνουν καθημερινώς εις τον τόπον της εργασίας των. Αναπαυσις και ηρεμία είναι τα κύρια κίνητρα της μετακινήσεως αυτής, ενώ αι μεγαλουπόλεις αντιμετωπίζουν σοβαρά προβλήματα κυκλοφορίας και ρυπάνσεως.

ΝΕΑ ΥΟΡΚΗ, Ιούλιος. (Τδ. Ωτ.). — Οι κάτοικοι των μεγάλων πόλεων επιθυμούν να ζήσουν μακράν του θορύβου και της κινήσεως των μεγαλουπόλεων. Κατά τους κοινωνιολόγους, η τάσις αυτή ενισχύεται από την ανάπτυξιν των συγκοινωνιακών μέσων, τα οποία επιτρέπουν εις τους εργαζομένους να κατοικούν εις τα προάστια και να μεταβαίνουν καθημερινώς εις τον τόπον της εργασίας των. Αναπαυσις και ηρεμία είναι τα κύρια κίνητρα της μετακινήσεως αυτής, ενώ αι μεγαλουπόλεις αντιμετωπίζουν σοβαρά προβλήματα κυκλοφορίας και ρυπάνσεως.

ΝΕΑ ΥΟΡΚΗ, Ιούλιος. (Τδ. Ωτ.). — Οι κάτοικοι των μεγάλων πόλεων επιθυμούν να ζήσουν μακράν του θορύβου και της κινήσεως των μεγαλουπόλεων. Κατά τους κοινωνιολόγους, η τάσις αυτή ενισχύεται από την ανάπτυξιν των συγκοινωνιακών μέσων, τα οποία επιτρέπουν εις τους εργαζομένους να κατοικούν εις τα προάστια και να μεταβαίνουν καθημερινώς εις τον τόπον της εργασίας των. Αναπαυσις και ηρεμία είναι τα κύρια κίνητρα της μετακινήσεως αυτής, ενώ αι μεγαλουπόλεις αντιμετωπίζουν σοβαρά προβλήματα κυκλοφορίας και ρυπάνσεως.

ΤΑ ΟΡΙΑ ΤΗΣ ΠΟΛΕΩΣ

ΝΕΑ ΥΟΡΚΗ, Ιούλιος. (Τδ. Ωτ.). — Οι κάτοικοι των μεγάλων πόλεων επιθυμούν να ζήσουν μακράν του θορύβου και της κινήσεως των μεγαλουπόλεων. Κατά τους κοινωνιολόγους, η τάσις αυτή ενισχύεται από την ανάπτυξιν των συγκοινωνιακών μέσων, τα οποία επιτρέπουν εις τους εργαζομένους να κατοικούν εις τα προάστια και να μεταβαίνουν καθημερινώς εις τον τόπον της εργασίας των. Αναπαυσις και ηρεμία είναι τα κύρια κίνητρα της μετακινήσεως αυτής, ενώ αι μεγαλουπόλεις αντιμετωπίζουν σοβαρά προβλήματα κυκλοφορίας και ρυπάνσεως.

Η «ΙΔΕΑ» ΤΗΣ ΠΟΛΕΩΣ

ΝΕΑ ΥΟΡΚΗ, Ιούλιος. (Τδ. Ωτ.). — Οι κάτοικοι των μεγάλων πόλεων επιθυμούν να ζήσουν μακράν του θορύβου και της κινήσεως των μεγαλουπόλεων. Κατά τους κοινωνιολόγους, η τάσις αυτή ενισχύεται από την ανάπτυξιν των συγκοινωνιακών μέσων, τα οποία επιτρέπουν εις τους εργαζομένους να κατοικούν εις τα προάστια και να μεταβαίνουν καθημερινώς εις τον τόπον της εργασίας των. Αναπαυσις και ηρεμία είναι τα κύρια κίνητρα της μετακινήσεως αυτής, ενώ αι μεγαλουπόλεις αντιμετωπίζουν σοβαρά προβλήματα κυκλοφορίας και ρυπάνσεως.

Διαβάζεται
CRISIS • CAPTAIN
ΑΝΑΓΝΩΣΤΟΥ
ΤΑ ΑΝΘΗ ΣΑΣ
ΕΙΣ ΤΟΥ ΠΑΝΤΑΖΗ
ΝΕΑ ΜΕΓ. ΑΛΕΞΑΝΔΡΟΥ. ΤΗΛΕΦ. 79.300
